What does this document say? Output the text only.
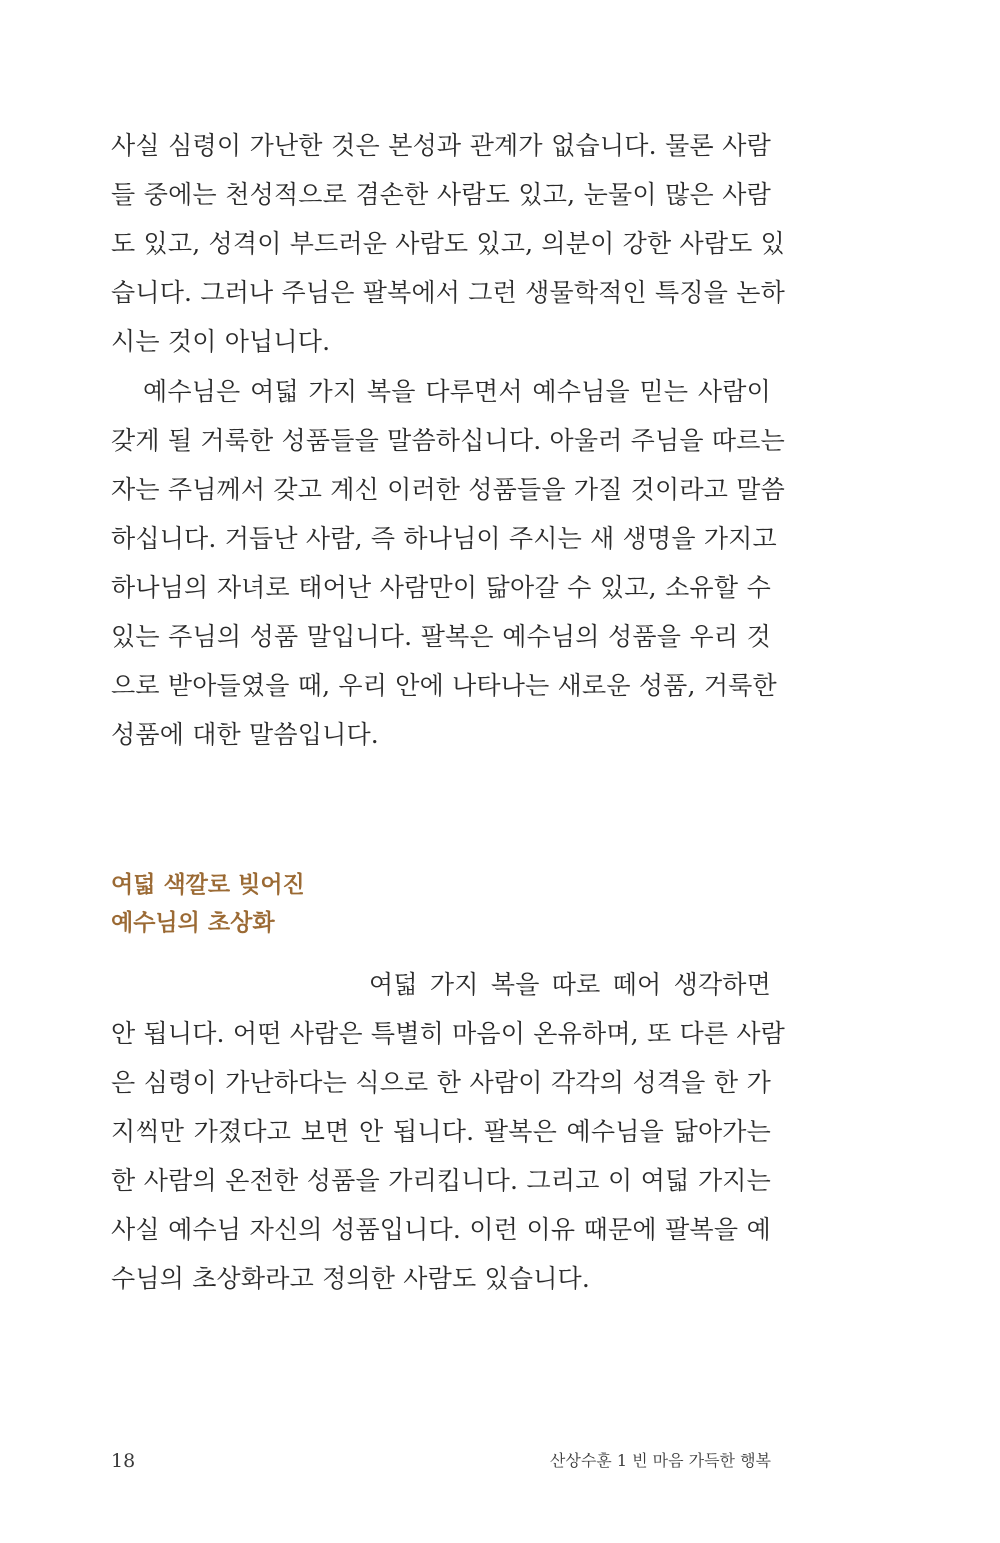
사실 심령이 가난한 것은 본성과 관계가 없습니다. 물론 사람
들 중에는 천성적으로 겸손한 사람도 있고, 눈물이 많은 사람
도 있고, 성격이 부드러운 사람도 있고, 의분이 강한 사람도 있
습니다. 그러나 주님은 팔복에서 그런 생물학적인 특징을 논하
시는 것이 아닙니다.
예수님은 여덟 가지 복을 다루면서 예수님을 믿는 사람이
갖게 될 거룩한 성품들을 말씀하십니다. 아울러 주님을 따르는
자는 주님께서 갖고 계신 이러한 성품들을 가질 것이라고 말씀
하십니다. 거듭난 사람, 즉 하나님이 주시는 새 생명을 가지고
하나님의 자녀로 태어난 사람만이 닮아갈 수 있고, 소유할 수
있는 주님의 성품 말입니다. 팔복은 예수님의 성품을 우리 것
으로 받아들였을 때, 우리 안에 나타나는 새로운 성품, 거룩한
성품에 대한 말씀입니다.
여덟 색깔로 빚어진
예수님의 초상화
여덟 가지 복을 따로 떼어 생각하면
안 됩니다. 어떤 사람은 특별히 마음이 온유하며, 또 다른 사람
은 심령이 가난하다는 식으로 한 사람이 각각의 성격을 한 가
지씩만 가졌다고 보면 안 됩니다. 팔복은 예수님을 닮아가는
한 사람의 온전한 성품을 가리킵니다. 그리고 이 여덟 가지는
사실 예수님 자신의 성품입니다. 이런 이유 때문에 팔복을 예
수님의 초상화라고 정의한 사람도 있습니다.
18	산상수훈 1 빈 마음 가득한 행복
